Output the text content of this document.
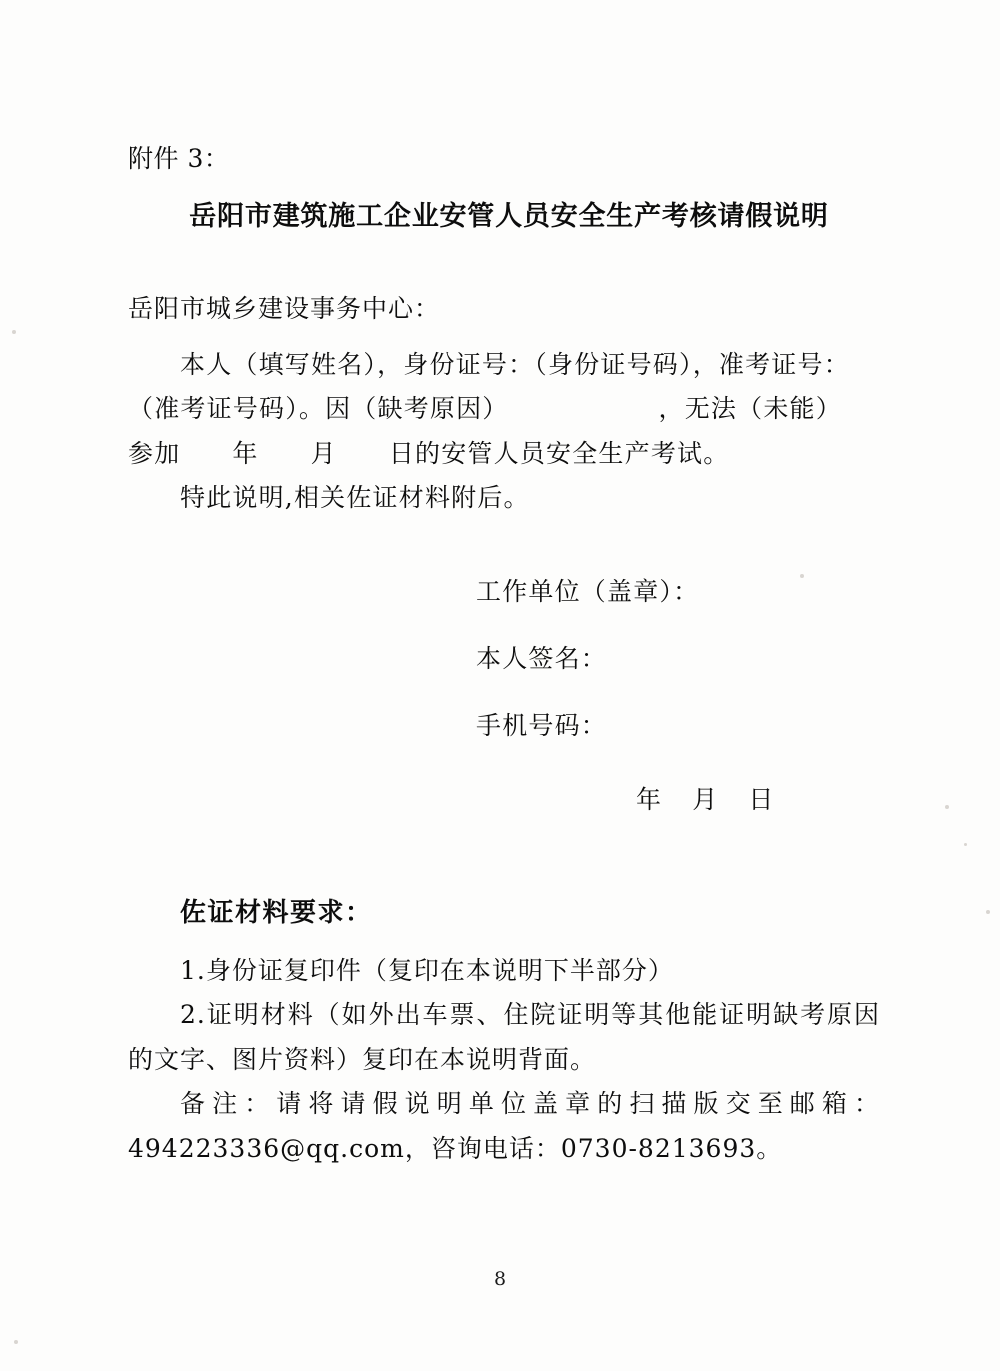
附件 3：

岳阳市建筑施工企业安管人员安全生产考核请假说明

岳阳市城乡建设事务中心：

本人（填写姓名），身份证号：（身份证号码），准考证号：

（准考证号码）。因（缺考原因）	，无法（未能）

参加 年 月 日的安管人员安全生产考试。

特此说明,相关佐证材料附后。

工作单位（盖章）：

本人签名：

手机号码：

年 月 日

佐证材料要求：

1.身份证复印件（复印在本说明下半部分）

2.证明材料（如外出车票、住院证明等其他能证明缺考原因的文字、图片资料）复印在本说明背面。

备注：请将请假说明单位盖章的扫描版交至邮箱：494223336@qq.com，咨询电话：0730-8213693。

8
